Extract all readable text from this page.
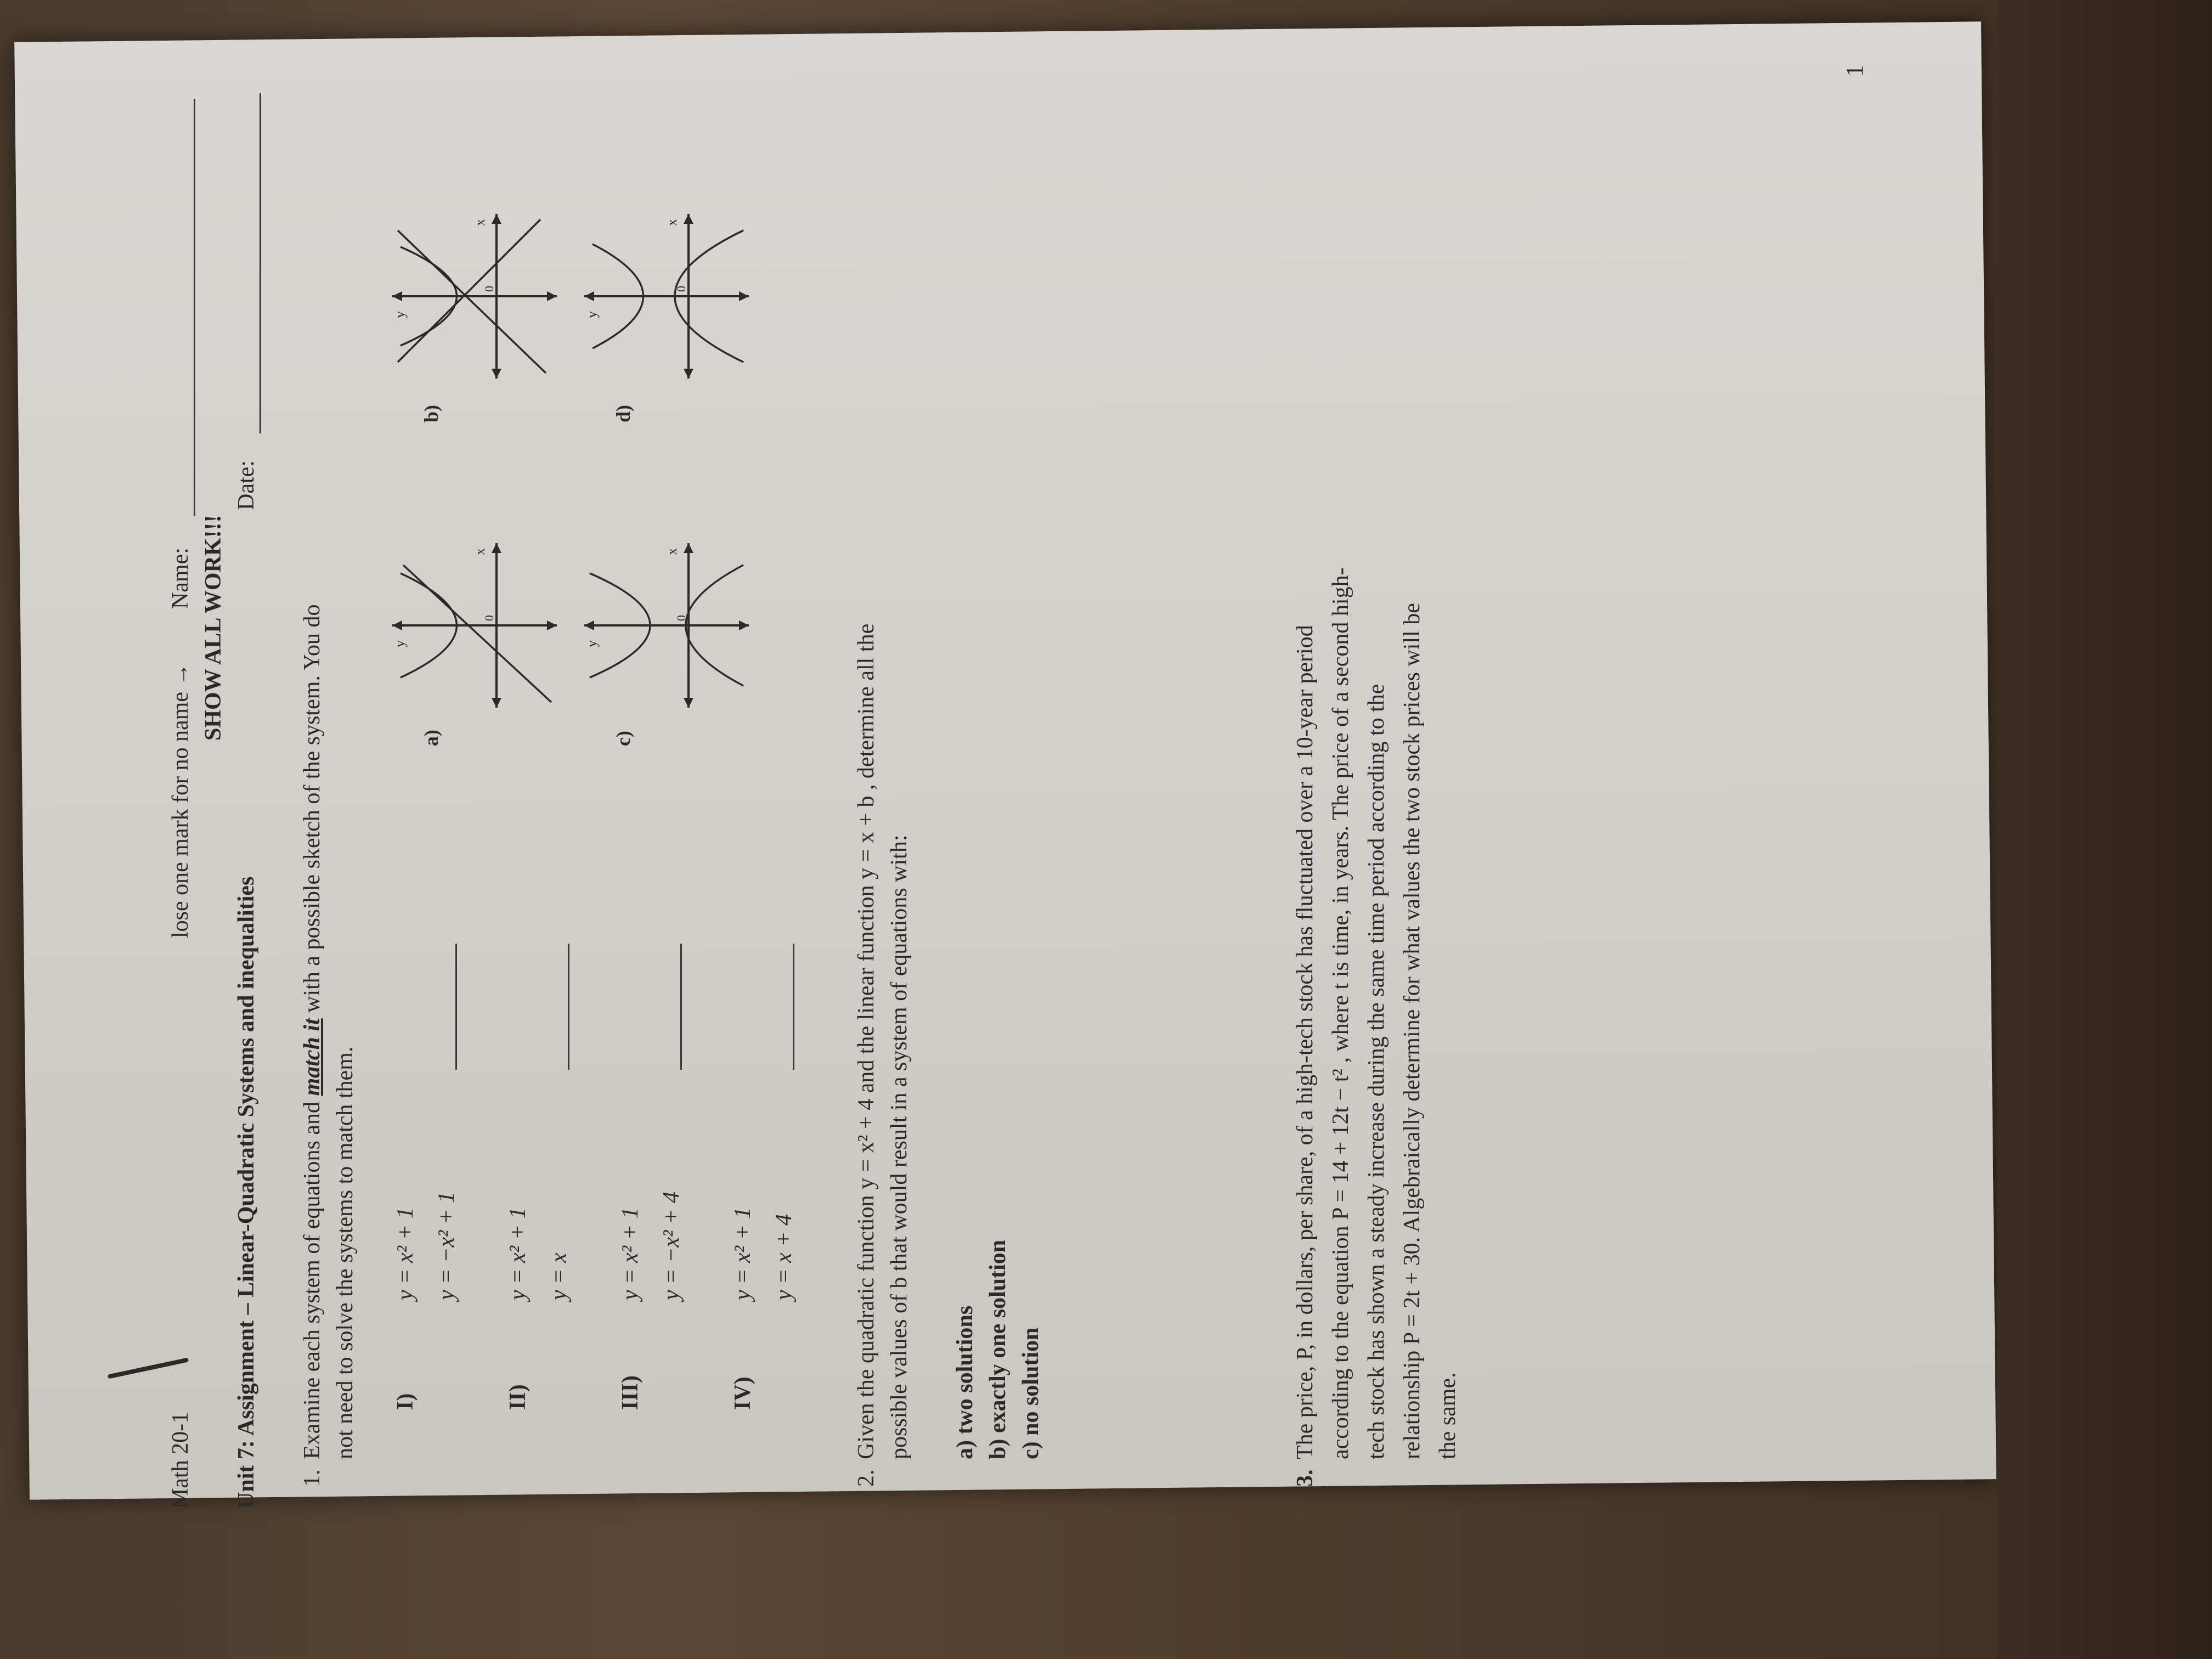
Math 20-1
lose one mark for no name →
Name: SHOW ALL WORK!!!
Unit 7: Assignment – Linear-Quadratic Systems and inequalities
Date:
1.
Examine each system of equations and match it with a possible sketch of the system. You do
not need to solve the systems to match them. I)
y = x² + 1 y = −x² + 1
II)
y = x² + 1 y = x
III)
y = x² + 1 y = −x² + 4
IV)
y = x² + 1 y = x + 4
a)
x
y
0
b)
x
y
0
c)
x
y
0
d)
x
y
0
2.
Given the quadratic function y = x² + 4 and the linear function y = x + b , determine all the possible values of b that would result in a system of equations with: a) two solutions b) exactly one solution c) no solution
3.
The price, P, in dollars, per share, of a high-tech stock has fluctuated over a 10-year period according to the equation P = 14 + 12t − t² , where t is time, in years. The price of a second high- tech stock has shown a steady increase during the same time period according to the relationship P = 2t + 30. Algebraically determine for what values the two stock prices will be the same.
1
